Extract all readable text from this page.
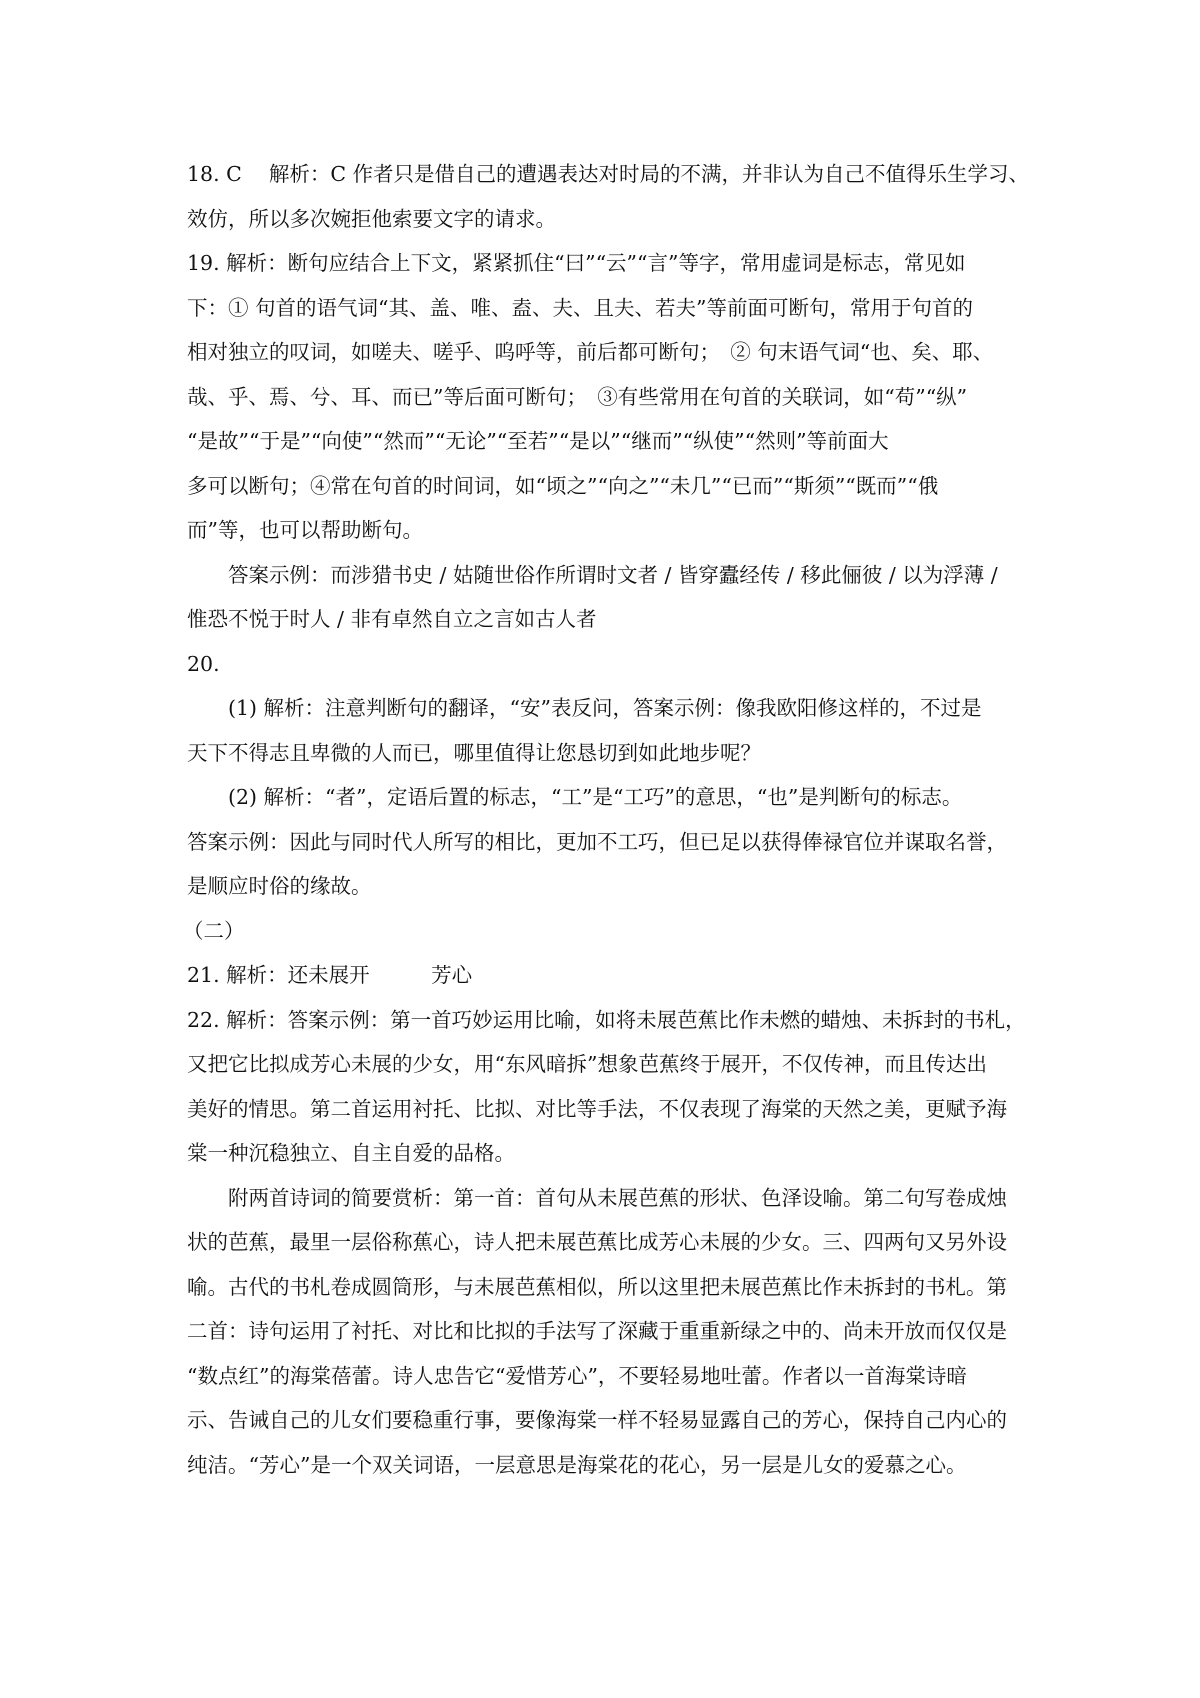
18. C　 解析：C 作者只是借自己的遭遇表达对时局的不满，并非认为自己不值得乐生学习、
效仿，所以多次婉拒他索要文字的请求。
19. 解析：断句应结合上下文，紧紧抓住“曰”“云”“言”等字，常用虚词是标志，常见如
下：① 句首的语气词“其、盖、唯、盍、夫、且夫、若夫”等前面可断句，常用于句首的
相对独立的叹词，如嗟夫、嗟乎、呜呼等，前后都可断句；　② 句末语气词“也、矣、耶、
哉、乎、焉、兮、耳、而已”等后面可断句；　③有些常用在句首的关联词，如“苟”“纵”
“是故”“于是”“向使”“然而”“无论”“至若”“是以”“继而”“纵使”“然则”等前面大
多可以断句；④常在句首的时间词，如“顷之”“向之”“未几”“已而”“斯须”“既而”“俄
而”等，也可以帮助断句。
答案示例：而涉猎书史 / 姑随世俗作所谓时文者 / 皆穿蠹经传 / 移此俪彼 / 以为浮薄 /
惟恐不悦于时人 / 非有卓然自立之言如古人者
20.
(1) 解析：注意判断句的翻译，“安”表反问，答案示例：像我欧阳修这样的，不过是
天下不得志且卑微的人而已，哪里值得让您恳切到如此地步呢？
(2) 解析：“者”，定语后置的标志，“工”是“工巧”的意思，“也”是判断句的标志。
答案示例：因此与同时代人所写的相比，更加不工巧，但已足以获得俸禄官位并谋取名誉，
是顺应时俗的缘故。
（二）
21. 解析：还未展开　　　芳心
22. 解析：答案示例：第一首巧妙运用比喻，如将未展芭蕉比作未燃的蜡烛、未拆封的书札，
又把它比拟成芳心未展的少女，用“东风暗拆”想象芭蕉终于展开，不仅传神，而且传达出
美好的情思。第二首运用衬托、比拟、对比等手法，不仅表现了海棠的天然之美，更赋予海
棠一种沉稳独立、自主自爱的品格。
附两首诗词的简要赏析：第一首：首句从未展芭蕉的形状、色泽设喻。第二句写卷成烛
状的芭蕉，最里一层俗称蕉心，诗人把未展芭蕉比成芳心未展的少女。三、四两句又另外设
喻。古代的书札卷成圆筒形，与未展芭蕉相似，所以这里把未展芭蕉比作未拆封的书札。第
二首：诗句运用了衬托、对比和比拟的手法写了深藏于重重新绿之中的、尚未开放而仅仅是
“数点红”的海棠蓓蕾。诗人忠告它“爱惜芳心”，不要轻易地吐蕾。作者以一首海棠诗暗
示、告诫自己的儿女们要稳重行事，要像海棠一样不轻易显露自己的芳心，保持自己内心的
纯洁。“芳心”是一个双关词语，一层意思是海棠花的花心，另一层是儿女的爱慕之心。
